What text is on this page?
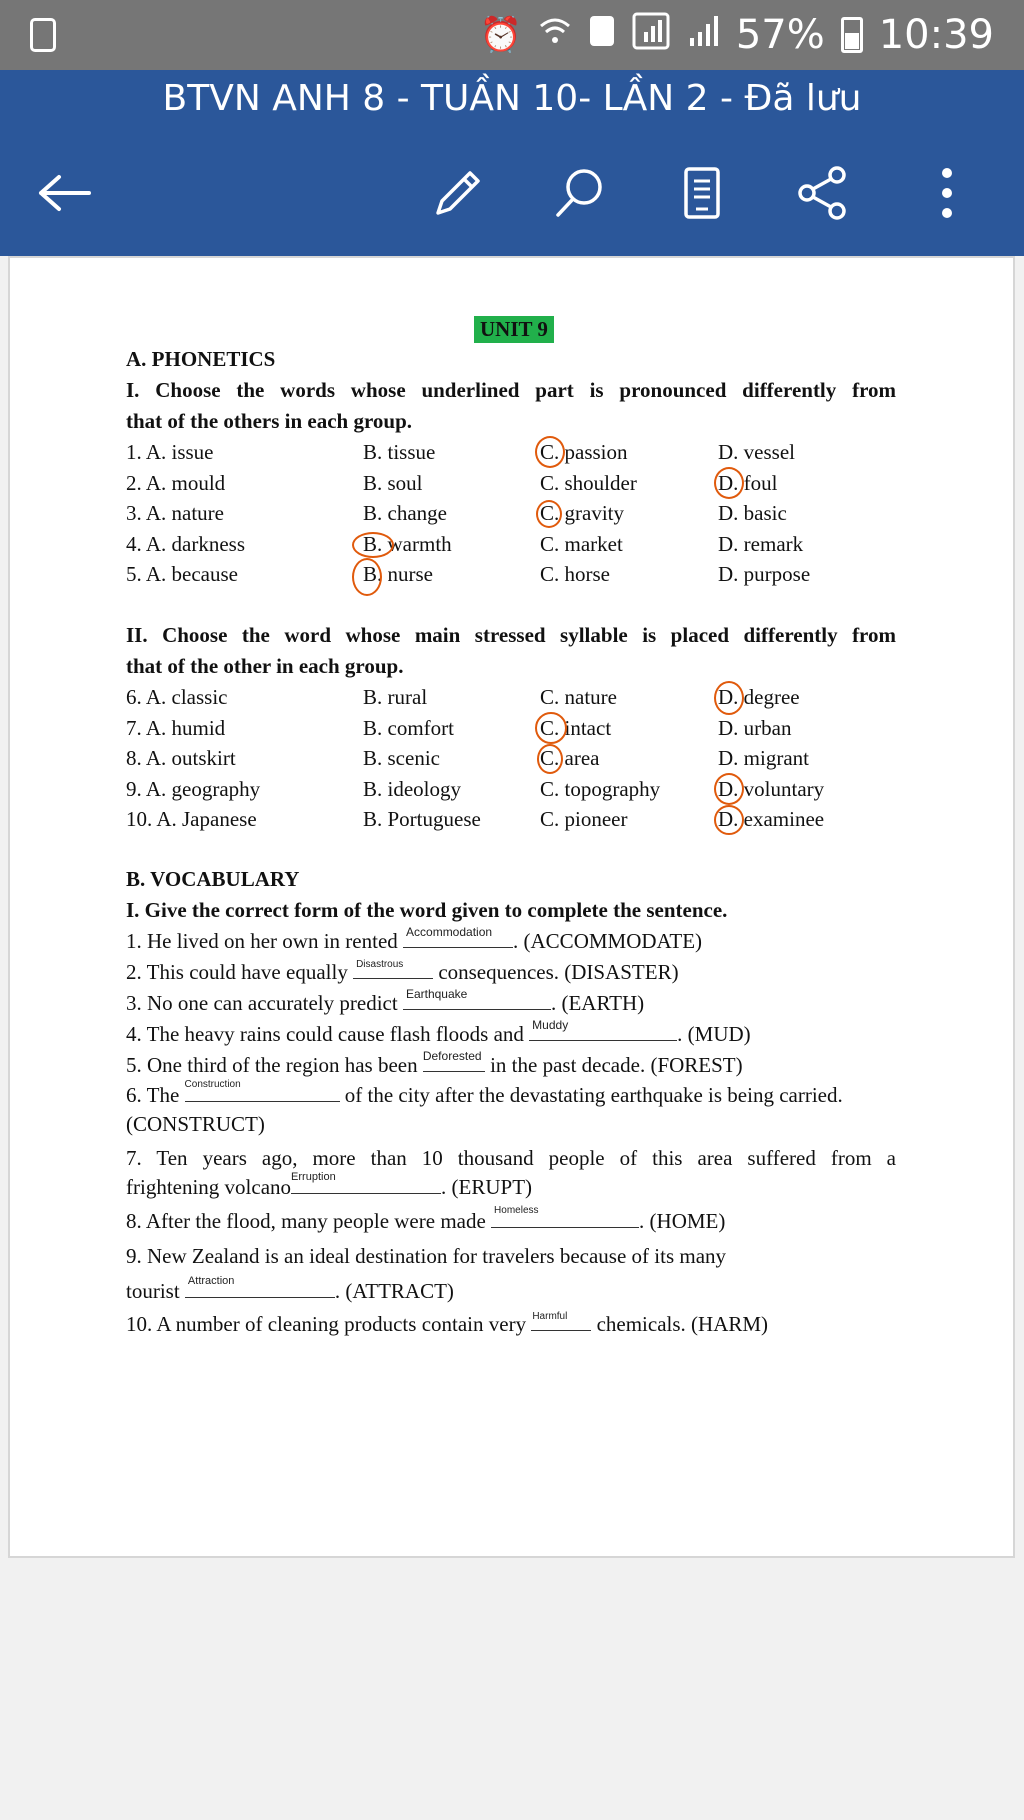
⏰	57% 10:39
BTVN ANH 8 - TUẦN 10- LẦN 2 - Đã lưu
UNIT 9
A. PHONETICS
I. Choose the words whose underlined part is pronounced differently from
that of the others in each group.
1. A. issue	B. tissue	C. passion	D. vessel
2. A. mould	B. soul	C. shoulder	D. foul
3. A. nature	B. change	C. gravity	D. basic
4. A. darkness	B. warmth	C. market	D. remark
5. A. because	B. nurse	C. horse	D. purpose
II. Choose the word whose main stressed syllable is placed differently from
that of the other in each group.
6. A. classic	B. rural	C. nature	D. degree
7. A. humid	B. comfort	C. intact	D. urban
8. A. outskirt	B. scenic	C. area	D. migrant
9. A. geography	B. ideology	C. topography	D. voluntary
10. A. Japanese	B. Portuguese	C. pioneer	D. examinee
B. VOCABULARY
I. Give the correct form of the word given to complete the sentence.
1. He lived on her own in rented Accommodation . (ACCOMMODATE)
2. This could have equally Disastrous consequences. (DISASTER)
3. No one can accurately predict Earthquake	. (EARTH)
4. The heavy rains could cause flash floods and Muddy	. (MUD)
5. One third of the region has been Deforested in the past decade. (FOREST)
6. The Construction	of the city after the devastating earthquake is being carried.
(CONSTRUCT)
7. Ten years ago, more than 10 thousand people of this area suffered from a
frightening volcano Erruption	. (ERUPT)
8. After the flood, many people were made Homeless	. (HOME)
9. New Zealand is an ideal destination for travelers because of its many
tourist Attraction	. (ATTRACT)
10. A number of cleaning products contain very Harmful chemicals. (HARM)
